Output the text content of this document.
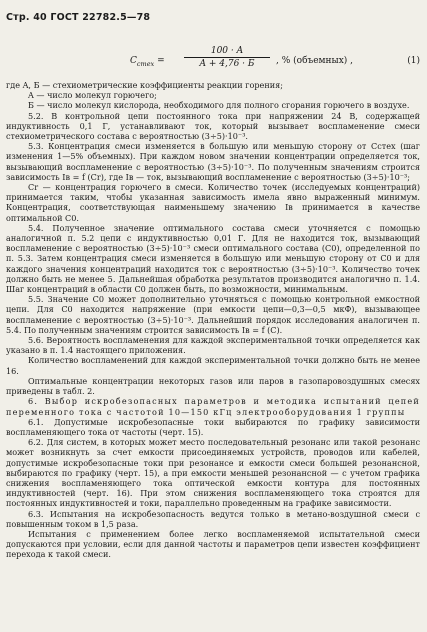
Стр. 40 ГОСТ 22782.5—78
$C_{стех}$ =
100 · A
A + 4,76 · Б	, % (объемных) ,	(1)

где A, Б — стехиометрические коэффициенты реакции горения;

A — число молекул горючего;

Б — число молекул кислорода, необходимого для полного сгорания горючего в воздухе.

5.2. В контрольной цепи постоянного тока при напряжении 24 В, содержащей индуктивность 0,1 Г, устанавливают ток, который вызывает воспламенение смеси стехиометрического состава с вероятностью (3÷5)·10⁻³.

5.3. Концентрация смеси изменяется в большую или меньшую сторону от Cстех (шаг изменения 1—5% объемных). При каждом новом значении концентрации определяется ток, вызывающий воспламенение с вероятностью (3÷5)·10⁻³. По полученным значениям строится зависимость Iв = f (Cr), где Iв — ток, вызывающий воспламенение с вероятностью (3÷5)·10⁻³;

Cr — концентрация горючего в смеси. Количество точек (исследуемых концентраций) принимается таким, чтобы указанная зависимость имела явно выраженный минимум. Концентрация, соответствующая наименьшему значению Iв принимается в качестве оптимальной C0.

5.4. Полученное значение оптимального состава смеси уточняется с помощью аналогичной п. 5.2 цепи с индуктивностью 0,01 Г. Для не находится ток, вызывающий воспламенение с вероятностью (3÷5)·10⁻³ смеси оптимального состава (C0), определенной по п. 5.3. Затем концентрация смеси изменяется в большую или меньшую сторону от C0 и для каждого значения концентраций находится ток с вероятностью (3÷5)·10⁻³. Количество точек должно быть не менее 5. Дальнейшая обработка результатов производится аналогично п. 1.4. Шаг концентраций в области C0 должен быть, по возможности, минимальным.

5.5. Значение C0 может дополнительно уточняться с помощью контрольной емкостной цепи. Для C0 находится напряжение (при емкости цепи—0,3—0,5 мкФ), вызывающее воспламенение с вероятностью (3÷5)·10⁻³. Дальнейший порядок исследования аналогичен п. 5.4. По полученным значениям строится зависимость Iв = f (C).

5.6. Вероятность воспламенения для каждой экспериментальной точки определяется как указано в п. 1.4 настоящего приложения.

Количество воспламенений для каждой экспериментальной точки должно быть не менее 16.

Оптимальные концентрации некоторых газов или паров в газопаровоздушных смесях приведены в табл. 2.

6. Выбор искробезопасных параметров и методика испытаний цепей переменного тока с частотой 10—150 кГц электрооборудования 1 группы

6.1. Допустимые искробезопасные токи выбираются по графику зависимости воспламеняющего тока от частоты (черт. 15).

6.2. Для систем, в которых может место последовательный резонанс или такой резонанс может возникнуть за счет емкости присоединяемых устройств, проводов или кабелей, допустимые искробезопасные токи при резонансе и емкости смеси большей резонансной, выбираются по графику (черт. 15), а при емкости меньшей резонансной — с учетом графика снижения воспламеняющего тока оптической емкости контура для постоянных индуктивностей (черт. 16). При этом снижения воспламеняющего тока строятся для постоянных индуктивностей и токи, параллельно проведенным на графике зависимости.

6.3. Испытания на искробезопасность ведутся только в метано-воздушной смеси с повышенным током в 1,5 раза.

Испытания с применением более легко воспламеняемой испытательной смеси допускаются при условии, если для данной частоты и параметров цепи известен коэффициент перехода к такой смеси.
